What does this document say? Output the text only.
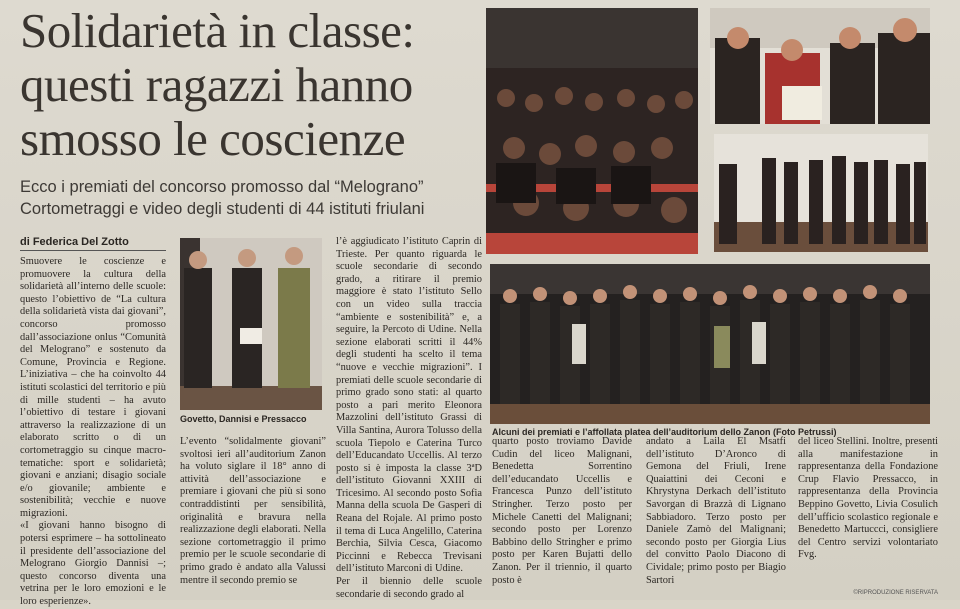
Solidarietà in classe: questi ragazzi hanno smosso le coscienze
Ecco i premiati del concorso promosso dal “Melograno”
Cortometraggi e video degli studenti di 44 istituti friulani
di Federica Del Zotto
Govetto, Dannisi e Pressacco
Alcuni dei premiati e l’affollata platea dell’auditorium dello Zanon (Foto Petrussi)

Smuovere le coscienze e promuovere la cultura della solidarietà all’interno delle scuole: questo l’obiettivo de “La cultura della solidarietà vista dai giovani”, concorso promosso dall’associazione onlus “Comunità del Melograno” e sostenuto da Comune, Provincia e Regione. L’iniziativa – che ha coinvolto 44 istituti scolastici del territorio e più di mille studenti – ha avuto l’obiettivo di testare i giovani attraverso la realizzazione di un elaborato scritto o di un cortometraggio su cinque macro-tematiche: sport e solidarietà; giovani e anziani; disagio sociale e/o giovanile; ambiente e sostenibilità; vecchie e nuove migrazioni.

«I giovani hanno bisogno di potersi esprimere – ha sottolineato il presidente dell’associazione del Melograno Giorgio Dannisi –; questo concorso diventa una vetrina per le loro emozioni e le loro esperienze».

L’evento “solidalmente giovani” svoltosi ieri all’auditorium Zanon ha voluto siglare il 18° anno di attività dell’associazione e premiare i giovani che più si sono contraddistinti per sensibilità, originalità e bravura nella realizzazione degli elaborati. Nella sezione cortometraggio il primo premio per le scuole secondarie di primo grado è andato alla Valussi mentre il secondo premio se

l’è aggiudicato l’istituto Caprin di Trieste. Per quanto riguarda le scuole secondarie di secondo grado, a ritirare il premio maggiore è stato l’istituto Sello con un video sulla traccia “ambiente e sostenibilità” e, a seguire, la Percoto di Udine. Nella sezione elaborati scritti il 44% degli studenti ha scelto il tema “nuove e vecchie migrazioni”. I premiati delle scuole secondarie di primo grado sono stati: al quarto posto a pari merito Eleonora Mazzolini dell’istituto Grassi di Villa Santina, Aurora Tolusso della scuola Tiepolo e Caterina Turco dell’Educandato Uccellis. Al terzo posto si è imposta la classe 3ªD dell’istituto Giovanni XXIII di Tricesimo. Al secondo posto Sofia Manna della scuola De Gasperi di Reana del Rojale. Al primo posto il tema di Luca Angelillo, Caterina Berchia, Silvia Cesca, Giacomo Piccinni e Rebecca Trevisani dell’istituto Marconi di Udine.

Per il biennio delle scuole secondarie di secondo grado al

quarto posto troviamo Davide Cudin del liceo Malignani, Benedetta Sorrentino dell’educandato Uccellis e Francesca Punzo dell’istituto Stringher. Terzo posto per Michele Canetti del Malignani; secondo posto per Lorenzo Babbino dello Stringher e primo posto per Karen Bujatti dello Zanon. Per il triennio, il quarto posto è

andato a Laila El Msatfi dell’istituto D’Aronco di Gemona del Friuli, Irene Quaiattini dei Ceconi e Khrystyna Derkach dell’istituto Savorgan di Brazzà di Lignano Sabbiadoro. Terzo posto per Daniele Zamò del Malignani; secondo posto per Giorgia Lius del convitto Paolo Diacono di Cividale; primo posto per Biagio Sartori

del liceo Stellini. Inoltre, presenti alla manifestazione in rappresentanza della Fondazione Crup Flavio Pressacco, in rappresentanza della Provincia Beppino Govetto, Livia Cosulich dell’ufficio scolastico regionale e Benedetto Martuccci, consigliere del Centro servizi volontariato Fvg.

©RIPRODUZIONE RISERVATA
